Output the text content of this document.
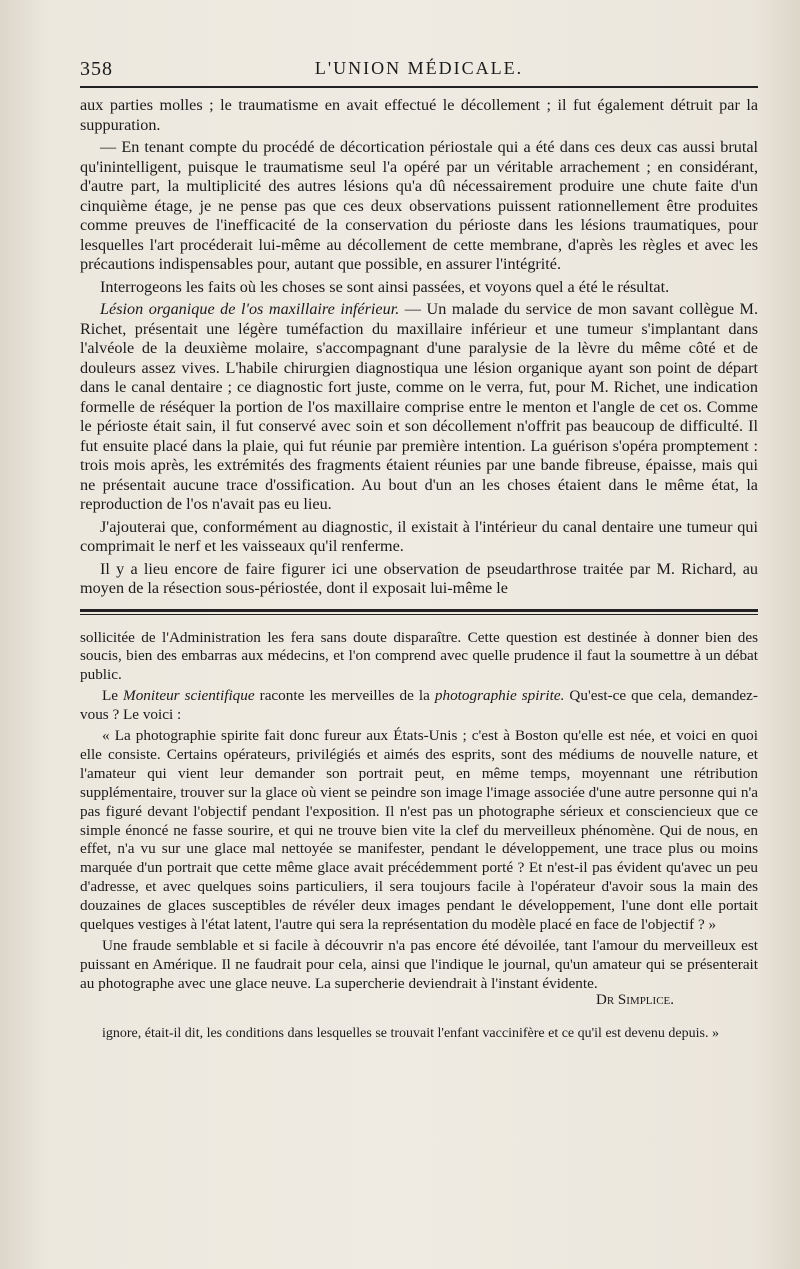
358	L'UNION MÉDICALE.

aux parties molles ; le traumatisme en avait effectué le décollement ; il fut également détruit par la suppuration.

— En tenant compte du procédé de décortication périostale qui a été dans ces deux cas aussi brutal qu'inintelligent, puisque le traumatisme seul l'a opéré par un véritable arrachement ; en considérant, d'autre part, la multiplicité des autres lésions qu'a dû nécessairement produire une chute faite d'un cinquième étage, je ne pense pas que ces deux observations puissent rationnellement être produites comme preuves de l'inefficacité de la conservation du périoste dans les lésions traumatiques, pour lesquelles l'art procéderait lui-même au décollement de cette membrane, d'après les règles et avec les précautions indispensables pour, autant que possible, en assurer l'intégrité.

Interrogeons les faits où les choses se sont ainsi passées, et voyons quel a été le résultat.

Lésion organique de l'os maxillaire inférieur. — Un malade du service de mon savant collègue M. Richet, présentait une légère tuméfaction du maxillaire inférieur et une tumeur s'implantant dans l'alvéole de la deuxième molaire, s'accompagnant d'une paralysie de la lèvre du même côté et de douleurs assez vives. L'habile chirurgien diagnostiqua une lésion organique ayant son point de départ dans le canal dentaire ; ce diagnostic fort juste, comme on le verra, fut, pour M. Richet, une indication formelle de réséquer la portion de l'os maxillaire comprise entre le menton et l'angle de cet os. Comme le périoste était sain, il fut conservé avec soin et son décollement n'offrit pas beaucoup de difficulté. Il fut ensuite placé dans la plaie, qui fut réunie par première intention. La guérison s'opéra promptement : trois mois après, les extrémités des fragments étaient réunies par une bande fibreuse, épaisse, mais qui ne présentait aucune trace d'ossification. Au bout d'un an les choses étaient dans le même état, la reproduction de l'os n'avait pas eu lieu.

J'ajouterai que, conformément au diagnostic, il existait à l'intérieur du canal dentaire une tumeur qui comprimait le nerf et les vaisseaux qu'il renferme.

Il y a lieu encore de faire figurer ici une observation de pseudarthrose traitée par M. Richard, au moyen de la résection sous-périostée, dont il exposait lui-même le

sollicitée de l'Administration les fera sans doute disparaître. Cette question est destinée à donner bien des soucis, bien des embarras aux médecins, et l'on comprend avec quelle prudence il faut la soumettre à un débat public.

Le Moniteur scientifique raconte les merveilles de la photographie spirite. Qu'est-ce que cela, demandez-vous ? Le voici :

« La photographie spirite fait donc fureur aux États-Unis ; c'est à Boston qu'elle est née, et voici en quoi elle consiste. Certains opérateurs, privilégiés et aimés des esprits, sont des médiums de nouvelle nature, et l'amateur qui vient leur demander son portrait peut, en même temps, moyennant une rétribution supplémentaire, trouver sur la glace où vient se peindre son image l'image associée d'une autre personne qui n'a pas figuré devant l'objectif pendant l'exposition. Il n'est pas un photographe sérieux et consciencieux que ce simple énoncé ne fasse sourire, et qui ne trouve bien vite la clef du merveilleux phénomène. Qui de nous, en effet, n'a vu sur une glace mal nettoyée se manifester, pendant le développement, une trace plus ou moins marquée d'un portrait que cette même glace avait précédemment porté ? Et n'est-il pas évident qu'avec un peu d'adresse, et avec quelques soins particuliers, il sera toujours facile à l'opérateur d'avoir sous la main des douzaines de glaces susceptibles de révéler deux images pendant le développement, l'une dont elle portait quelques vestiges à l'état latent, l'autre qui sera la représentation du modèle placé en face de l'objectif ? »

Une fraude semblable et si facile à découvrir n'a pas encore été dévoilée, tant l'amour du merveilleux est puissant en Amérique. Il ne faudrait pour cela, ainsi que l'indique le journal, qu'un amateur qui se présenterait au photographe avec une glace neuve. La supercherie deviendrait à l'instant évidente.

Dr Simplice.

ignore, était-il dit, les conditions dans lesquelles se trouvait l'enfant vaccinifère et ce qu'il est devenu depuis. »
